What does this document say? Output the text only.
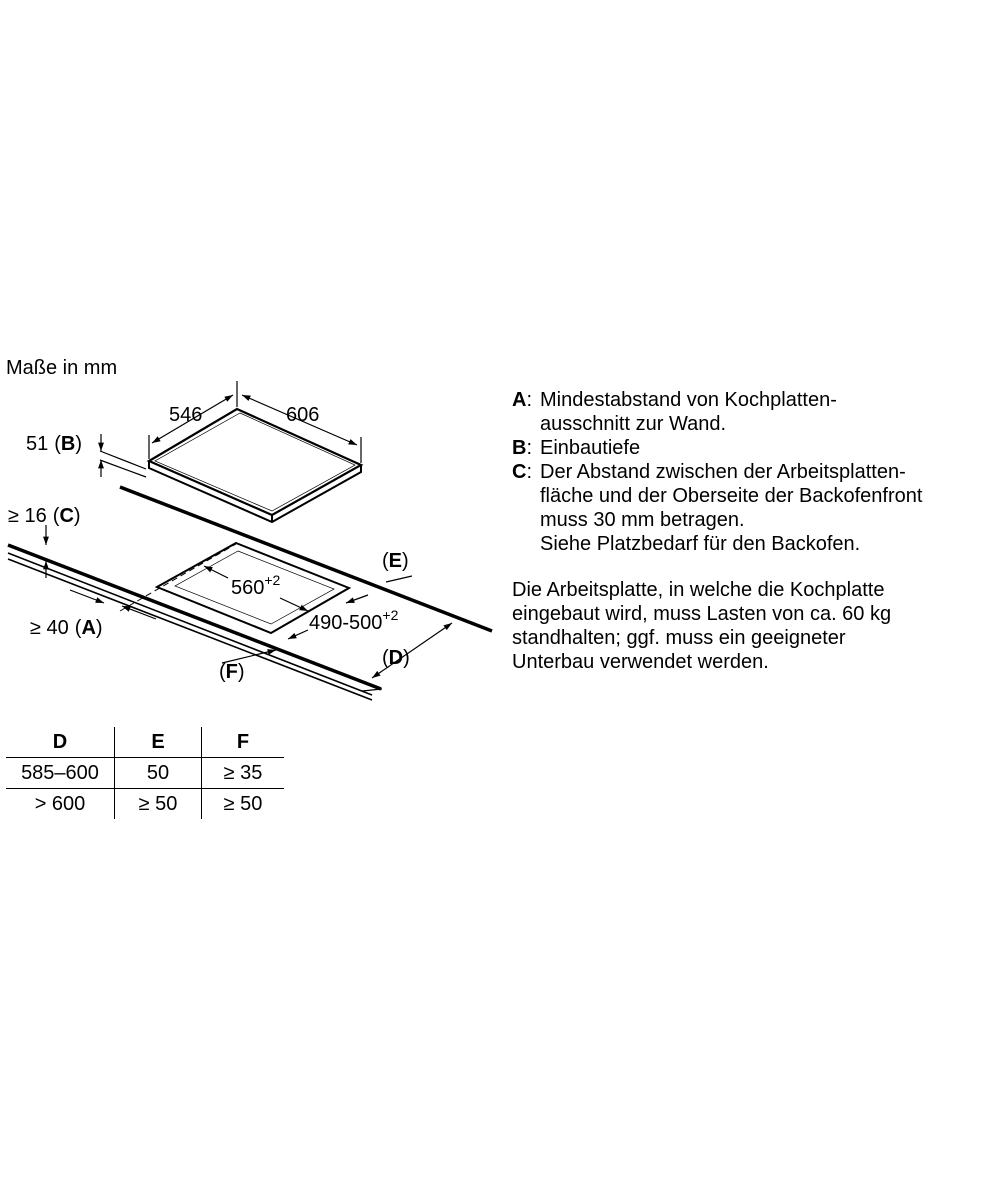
Maße in mm
546	606
51 (B)
≥ 16 (C)
(E)
$560^{+2}$
$490-500^{+2}$
≥ 40 (A)
(D)
(F)
A: Mindestabstand von Kochplatten-
ausschnitt zur Wand.
B: Einbautiefe
C: Der Abstand zwischen der Arbeitsplatten-
fläche und der Oberseite der Backofenfront
muss 30 mm betragen.
Siehe Platzbedarf für den Backofen.
Die Arbeitsplatte, in welche die Kochplatte
eingebaut wird, muss Lasten von ca. 60 kg
standhalten; ggf. muss ein geeigneter
Unterbau verwendet werden.
D	E	F
585–600	50	≥ 35
> 600	≥ 50	≥ 50
